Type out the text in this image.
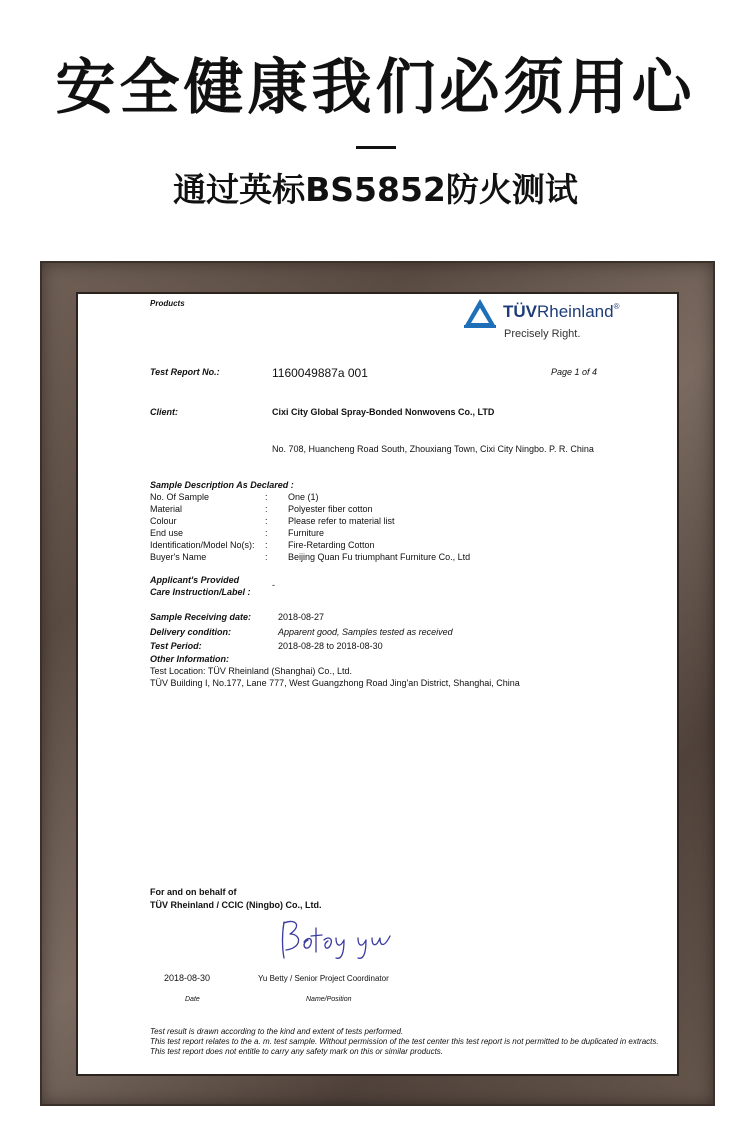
安全健康我们必须用心
通过英标BS5852防火测试
Products	TÜVRheinland®
Precisely Right.
Test Report No.:	1160049887a 001	Page 1 of 4
Client:	Cixi City Global Spray-Bonded Nonwovens Co., LTD
No. 708, Huancheng Road South, Zhouxiang Town, Cixi City Ningbo. P. R. China
Sample Description As Declared :
No. Of Sample	: One (1)
Material	: Polyester fiber cotton
Colour	: Please refer to material list
End use	: Furniture
Identification/Model No(s): : Fire-Retarding Cotton
Buyer's Name	: Beijing Quan Fu triumphant Furniture Co., Ltd
Applicant's Provided
Care Instruction/Label :
-
Sample Receiving date:	2018-08-27
Delivery condition:	Apparent good, Samples tested as received
Test Period:	2018-08-28 to 2018-08-30
Other Information:
Test Location: TÜV Rheinland (Shanghai) Co., Ltd.
TÜV Building I, No.177, Lane 777, West Guangzhong Road Jing'an District, Shanghai, China
For and on behalf of
TÜV Rheinland / CCIC (Ningbo) Co., Ltd.
2018-08-30	Yu Betty / Senior Project Coordinator
Date	Name/Position
Test result is drawn according to the kind and extent of tests performed.
This test report relates to the a. m. test sample. Without permission of the test center this test report is not permitted to be duplicated in extracts. This test report does not entitle to carry any safety mark on this or similar products.
